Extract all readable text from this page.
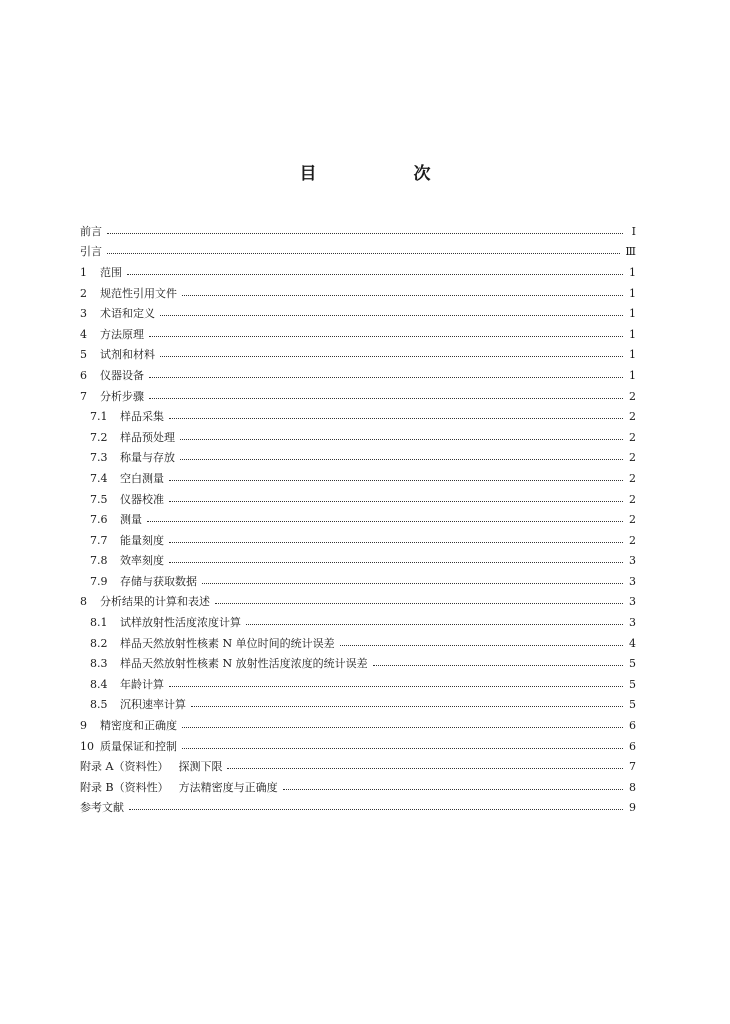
目　次
前言	Ⅰ
引言	Ⅲ
1	范围	1
2	规范性引用文件	1
3	术语和定义	1
4	方法原理	1
5	试剂和材料	1
6	仪器设备	1
7	分析步骤	2
7.1	样品采集	2
7.2	样品预处理	2
7.3	称量与存放	2
7.4	空白测量	2
7.5	仪器校准	2
7.6	测量	2
7.7	能量刻度	2
7.8	效率刻度	3
7.9	存储与获取数据	3
8	分析结果的计算和表述	3
8.1	试样放射性活度浓度计算	3
8.2	样品天然放射性核素 N 单位时间的统计误差	4
8.3	样品天然放射性核素 N 放射性活度浓度的统计误差	5
8.4	年龄计算	5
8.5	沉积速率计算	5
9	精密度和正确度	6
10 质量保证和控制	6
附录 A（资料性） 探测下限	7
附录 B（资料性） 方法精密度与正确度	8
参考文献	9
